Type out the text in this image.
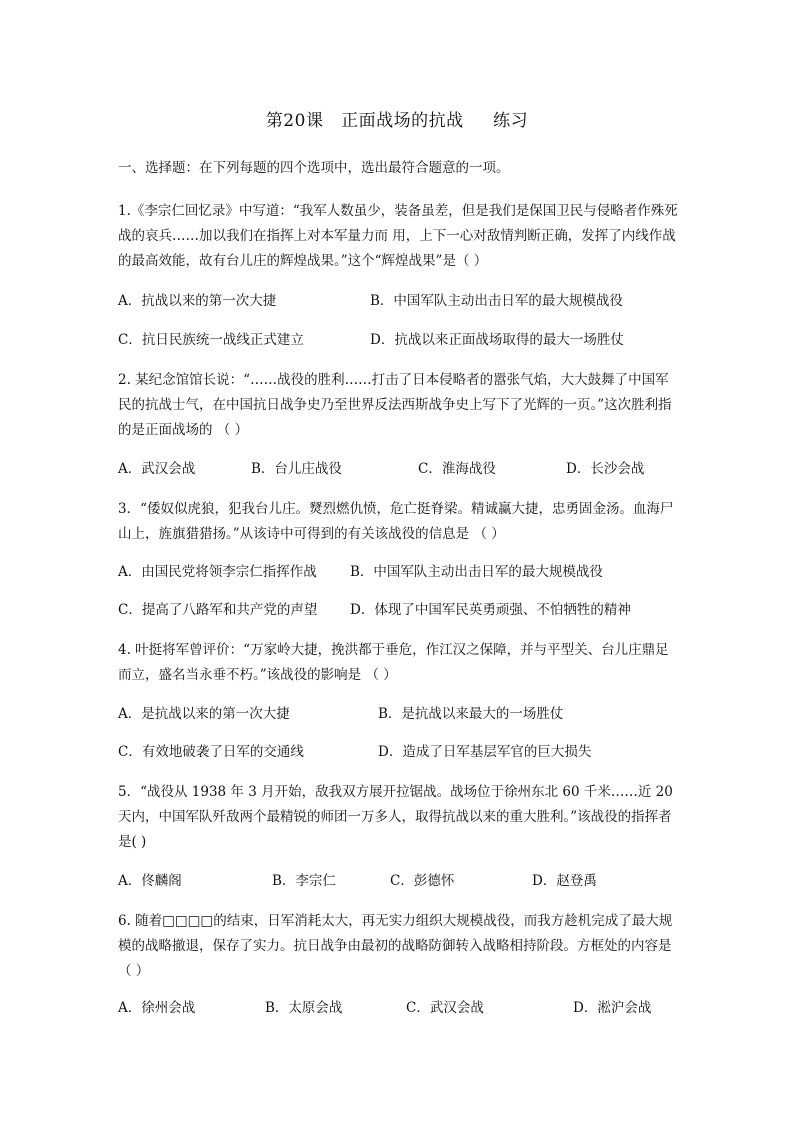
第20课   正面战场的抗战     练习
一、选择题：在下列每题的四个选项中，选出最符合题意的一项。
1.《李宗仁回忆录》中写道：“我军人数虽少，装备虽差，但是我们是保国卫民与侵略者作殊死战的哀兵……加以我们在指挥上对本军量力而 用，上下一心对敌情判断正确，发挥了内线作战的最高效能，故有台儿庄的辉煌战果。”这个“辉煌战果”是（ ）
A．抗战以来的第一次大捷	B．中国军队主动出击日军的最大规模战役
C．抗日民族统一战线正式建立	D．抗战以来正面战场取得的最大一场胜仗
2. 某纪念馆馆长说：“……战役的胜利……打击了日本侵略者的嚣张气焰，大大鼓舞了中国军民的抗战士气，在中国抗日战争史乃至世界反法西斯战争史上写下了光辉的一页。”这次胜利指的是正面战场的 （ ）
A．武汉会战	B．台儿庄战役	C．淮海战役	D．长沙会战
3．“倭奴似虎狼，犯我台儿庄。燹烈燃仇愤，危亡挺脊梁。精诚赢大捷，忠勇固金汤。血海尸山上，旌旗猎猎扬。”从该诗中可得到的有关该战役的信息是 （ ）
A．由国民党将领李宗仁指挥作战 B．中国军队主动出击日军的最大规模战役
C．提高了八路军和共产党的声望 D．体现了中国军民英勇顽强、不怕牺牲的精神
4. 叶挺将军曾评价：“万家岭大捷，挽洪都于垂危，作江汉之保障，并与平型关、台儿庄鼎足而立，盛名当永垂不朽。”该战役的影响是 （ ）
A．是抗战以来的第一次大捷	B．是抗战以来最大的一场胜仗
C．有效地破袭了日军的交通线	D．造成了日军基层军官的巨大损失
5．“战役从 1938 年 3 月开始，敌我双方展开拉锯战。战场位于徐州东北 60 千米……近 20 天内，中国军队歼敌两个最精锐的师团一万多人，取得抗战以来的重大胜利。”该战役的指挥者是( )
A．佟麟阁	B．李宗仁	C．彭德怀	D．赵登禹
6. 随着□□□□的结束，日军消耗太大，再无实力组织大规模战役，而我方趁机完成了最大规模的战略撤退，保存了实力。抗日战争由最初的战略防御转入战略相持阶段。方框处的内容是（ ）
A．徐州会战	B．太原会战	C．武汉会战	D．淞沪会战
